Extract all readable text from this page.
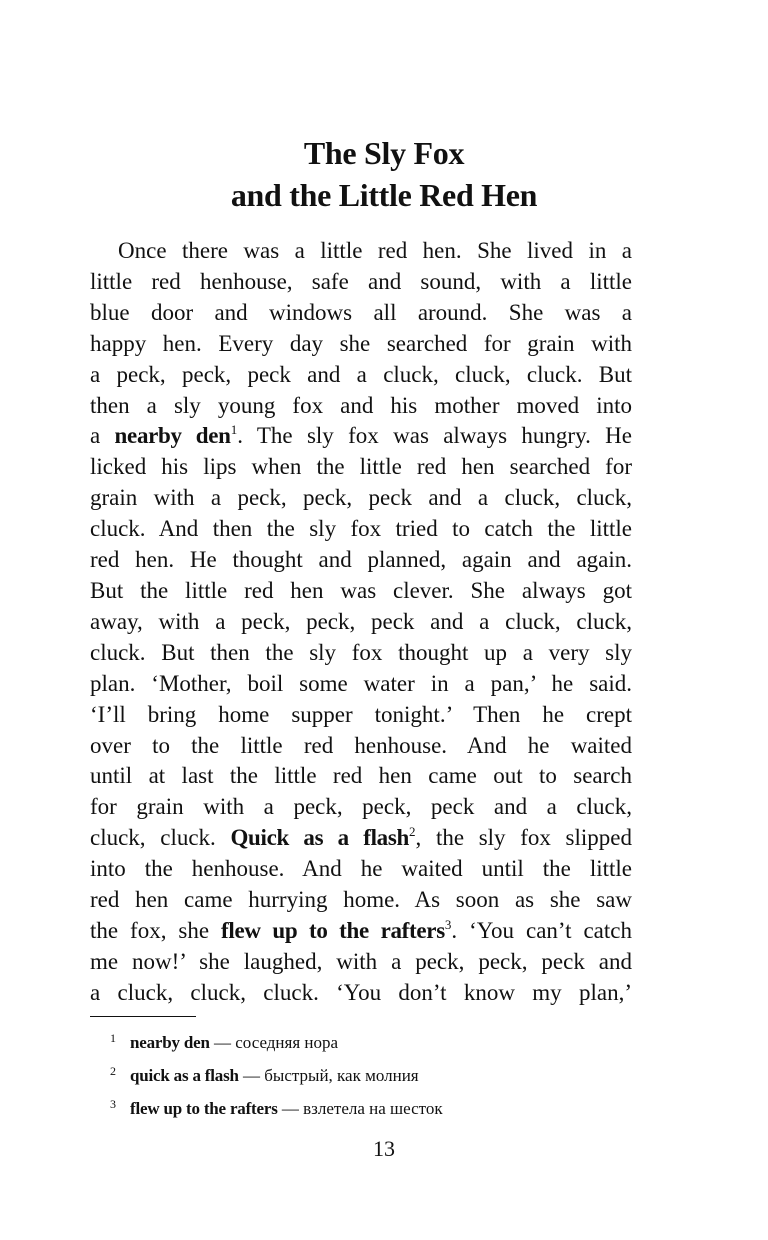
The Sly Fox
and the Little Red Hen
Once there was a little red hen. She lived in a
little red henhouse, safe and sound, with a little
blue door and windows all around. She was a
happy hen. Every day she searched for grain with
a peck, peck, peck and a cluck, cluck, cluck. But
then a sly young fox and his mother moved into
a nearby den$^1$. The sly fox was always hungry. He
licked his lips when the little red hen searched for
grain with a peck, peck, peck and a cluck, cluck,
cluck. And then the sly fox tried to catch the little
red hen. He thought and planned, again and again.
But the little red hen was clever. She always got
away, with a peck, peck, peck and a cluck, cluck,
cluck. But then the sly fox thought up a very sly
plan. ‘Mother, boil some water in a pan,’ he said.
‘I’ll bring home supper tonight.’ Then he crept
over to the little red henhouse. And he waited
until at last the little red hen came out to search
for grain with a peck, peck, peck and a cluck,
cluck, cluck. Quick as a flash$^2$, the sly fox slipped
into the henhouse. And he waited until the little
red hen came hurrying home. As soon as she saw
the fox, she flew up to the rafters$^3$. ‘You can’t catch
me now!’ she laughed, with a peck, peck, peck and
a cluck, cluck, cluck. ‘You don’t know my plan,’
1 nearby den — соседняя нора
2 quick as a flash — быстрый, как молния
3 flew up to the rafters — взлетела на шесток
13
